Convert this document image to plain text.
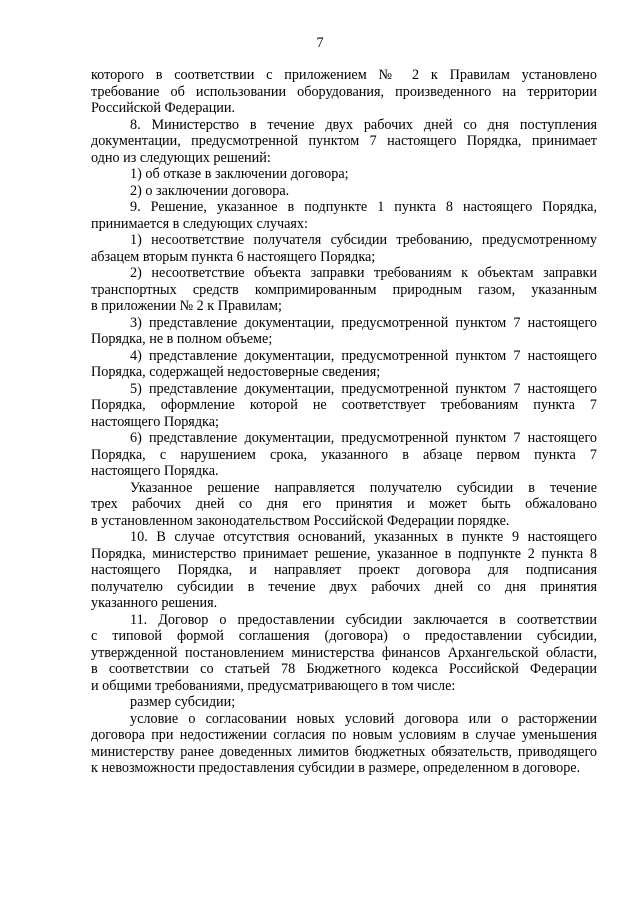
7
которого в соответствии с приложением № 2 к Правилам установлено
требование об использовании оборудования, произведенного на территории
Российской Федерации.
8. Министерство в течение двух рабочих дней со дня поступления
документации, предусмотренной пунктом 7 настоящего Порядка, принимает
одно из следующих решений:
1) об отказе в заключении договора;
2) о заключении договора.
9. Решение, указанное в подпункте 1 пункта 8 настоящего Порядка,
принимается в следующих случаях:
1) несоответствие получателя субсидии требованию, предусмотренному
абзацем вторым пункта 6 настоящего Порядка;
2) несоответствие объекта заправки требованиям к объектам заправки
транспортных средств компримированным природным газом, указанным
в приложении № 2 к Правилам;
3) представление документации, предусмотренной пунктом 7 настоящего
Порядка, не в полном объеме;
4) представление документации, предусмотренной пунктом 7 настоящего
Порядка, содержащей недостоверные сведения;
5) представление документации, предусмотренной пунктом 7 настоящего
Порядка, оформление которой не соответствует требованиям пункта 7
настоящего Порядка;
6) представление документации, предусмотренной пунктом 7 настоящего
Порядка, с нарушением срока, указанного в абзаце первом пункта 7
настоящего Порядка.
Указанное решение направляется получателю субсидии в течение
трех рабочих дней со дня его принятия и может быть обжаловано
в установленном законодательством Российской Федерации порядке.
10. В случае отсутствия оснований, указанных в пункте 9 настоящего
Порядка, министерство принимает решение, указанное в подпункте 2 пункта 8
настоящего Порядка, и направляет проект договора для подписания
получателю субсидии в течение двух рабочих дней со дня принятия
указанного решения.
11. Договор о предоставлении субсидии заключается в соответствии
с типовой формой соглашения (договора) о предоставлении субсидии,
утвержденной постановлением министерства финансов Архангельской области,
в соответствии со статьей 78 Бюджетного кодекса Российской Федерации
и общими требованиями, предусматривающего в том числе:
размер субсидии;
условие о согласовании новых условий договора или о расторжении
договора при недостижении согласия по новым условиям в случае уменьшения
министерству ранее доведенных лимитов бюджетных обязательств, приводящего
к невозможности предоставления субсидии в размере, определенном в договоре.
